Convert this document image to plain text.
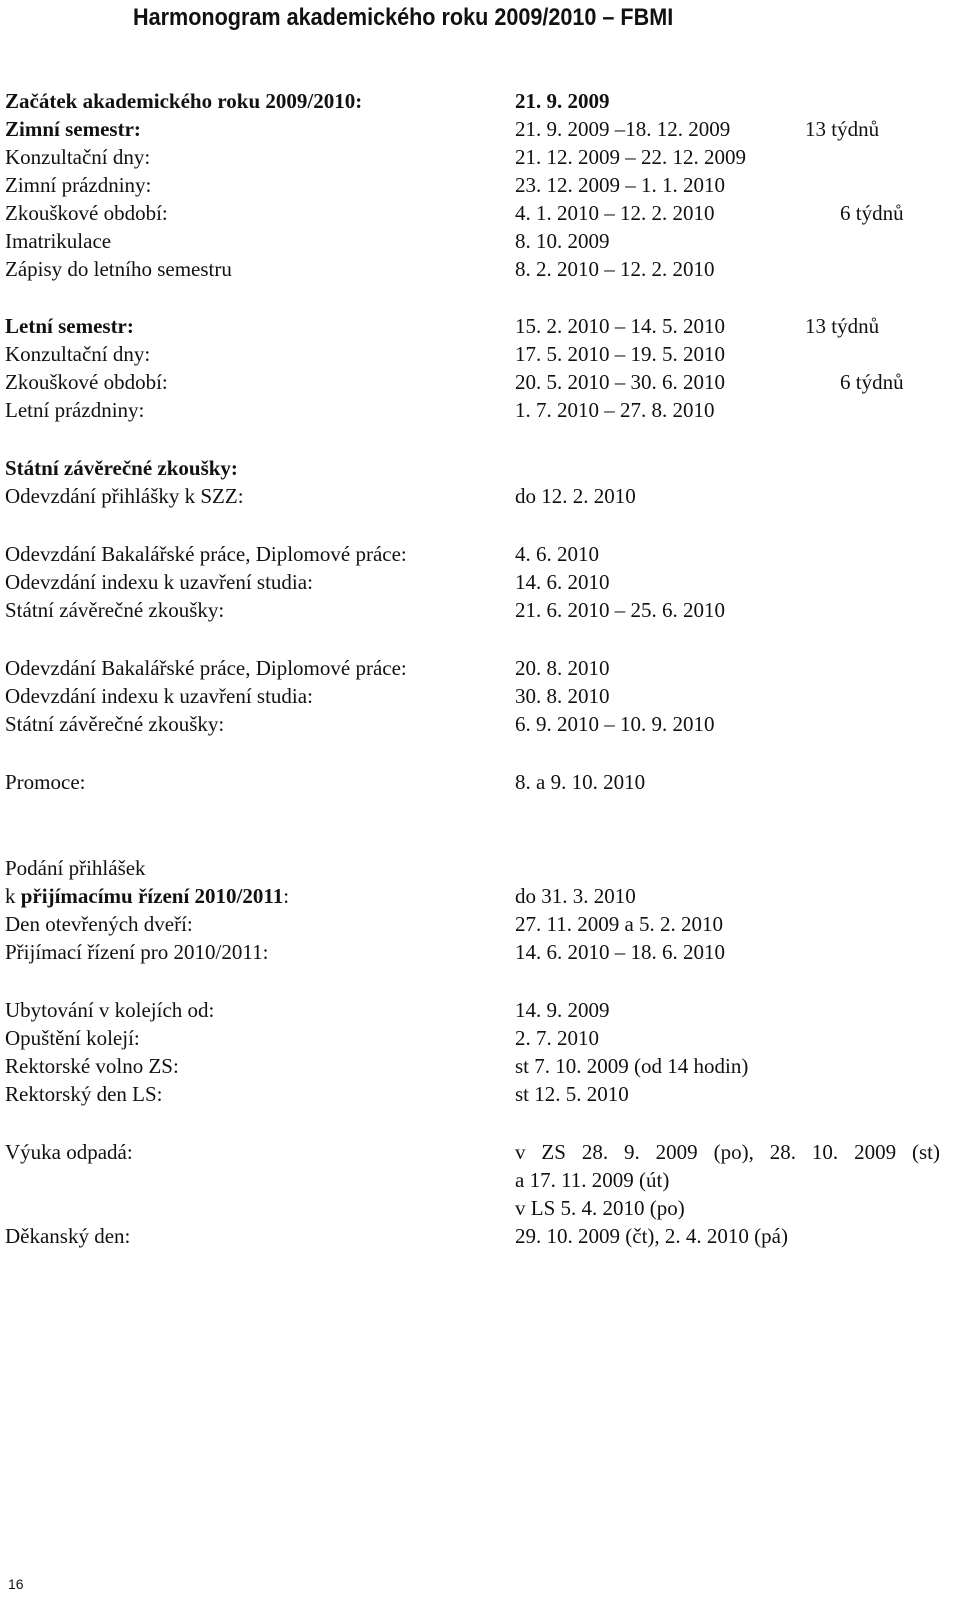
Harmonogram akademického roku 2009/2010 – FBMI
Začátek akademického roku 2009/2010:	21. 9. 2009
Zimní semestr:	21. 9. 2009 –18. 12. 2009	13 týdnů
Konzultační dny:	21. 12. 2009 – 22. 12. 2009
Zimní prázdniny:	23. 12. 2009 – 1. 1. 2010
Zkouškové období:	4. 1. 2010 – 12. 2. 2010	6 týdnů
Imatrikulace	8. 10. 2009
Zápisy do letního semestru	8. 2. 2010 – 12. 2. 2010
Letní semestr:	15. 2. 2010 – 14. 5. 2010	13 týdnů
Konzultační dny:	17. 5. 2010 – 19. 5. 2010
Zkouškové období:	20. 5. 2010 – 30. 6. 2010	6 týdnů
Letní prázdniny:	1. 7. 2010 – 27. 8. 2010
Státní závěrečné zkoušky:
Odevzdání přihlášky k SZZ:	do 12. 2. 2010
Odevzdání Bakalářské práce, Diplomové práce:	4. 6. 2010
Odevzdání indexu k uzavření studia:	14. 6. 2010
Státní závěrečné zkoušky:	21. 6. 2010 – 25. 6. 2010
Odevzdání Bakalářské práce, Diplomové práce:	20. 8. 2010
Odevzdání indexu k uzavření studia:	30. 8. 2010
Státní závěrečné zkoušky:	6. 9. 2010 – 10. 9. 2010
Promoce:	8. a 9. 10. 2010
Podání přihlášek
k přijímacímu řízení 2010/2011:	do 31. 3. 2010
Den otevřených dveří:	27. 11. 2009 a 5. 2. 2010
Přijímací řízení pro 2010/2011:	14. 6. 2010 – 18. 6. 2010
Ubytování v kolejích od:	14. 9. 2009
Opuštění kolejí:	2. 7. 2010
Rektorské volno ZS:	st 7. 10. 2009 (od 14 hodin)
Rektorský den LS:	st 12. 5. 2010
Výuka odpadá:	v ZS 28. 9. 2009 (po), 28. 10. 2009 (st)
a 17. 11. 2009 (út)
v LS 5. 4. 2010 (po)
Děkanský den:	29. 10. 2009 (čt), 2. 4. 2010 (pá)
16
